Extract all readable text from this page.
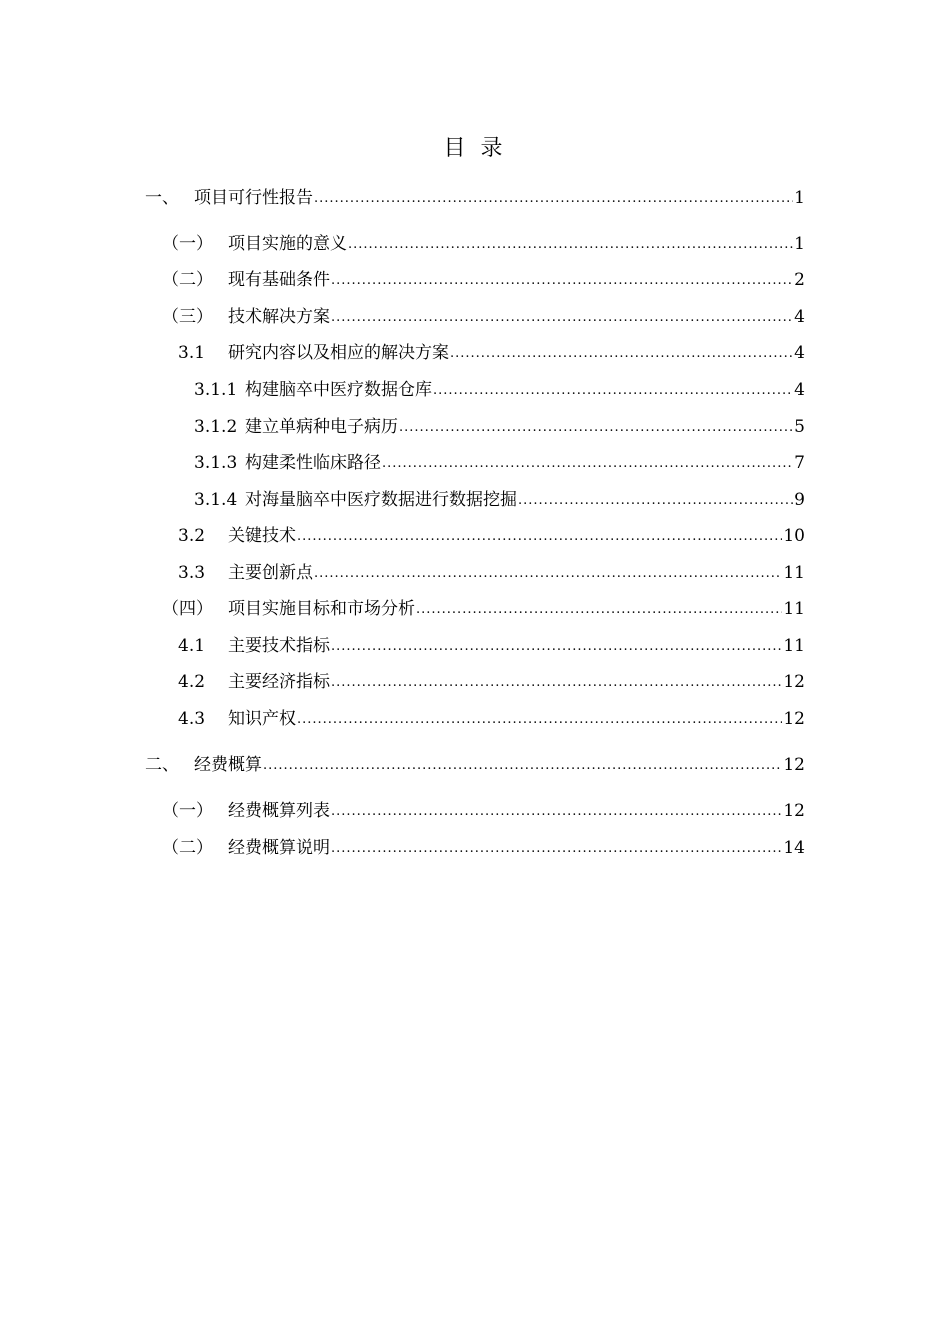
目 录
一、 项目可行性报告 .....	1
（一） 项目实施的意义 .....	1
（二） 现有基础条件 .....	2
（三） 技术解决方案 .....	4
3.1 研究内容以及相应的解决方案 .....	4
3.1.1 构建脑卒中医疗数据仓库 .....	4
3.1.2 建立单病种电子病历 .....	5
3.1.3 构建柔性临床路径 .....	7
3.1.4 对海量脑卒中医疗数据进行数据挖掘 .....	9
3.2 关键技术 .....	10
3.3 主要创新点 .....	11
（四） 项目实施目标和市场分析 .....	11
4.1 主要技术指标 .....	11
4.2 主要经济指标 .....	12
4.3 知识产权 .....	12
二、 经费概算 .....	12
（一） 经费概算列表 .....	12
（二） 经费概算说明 .....	14
